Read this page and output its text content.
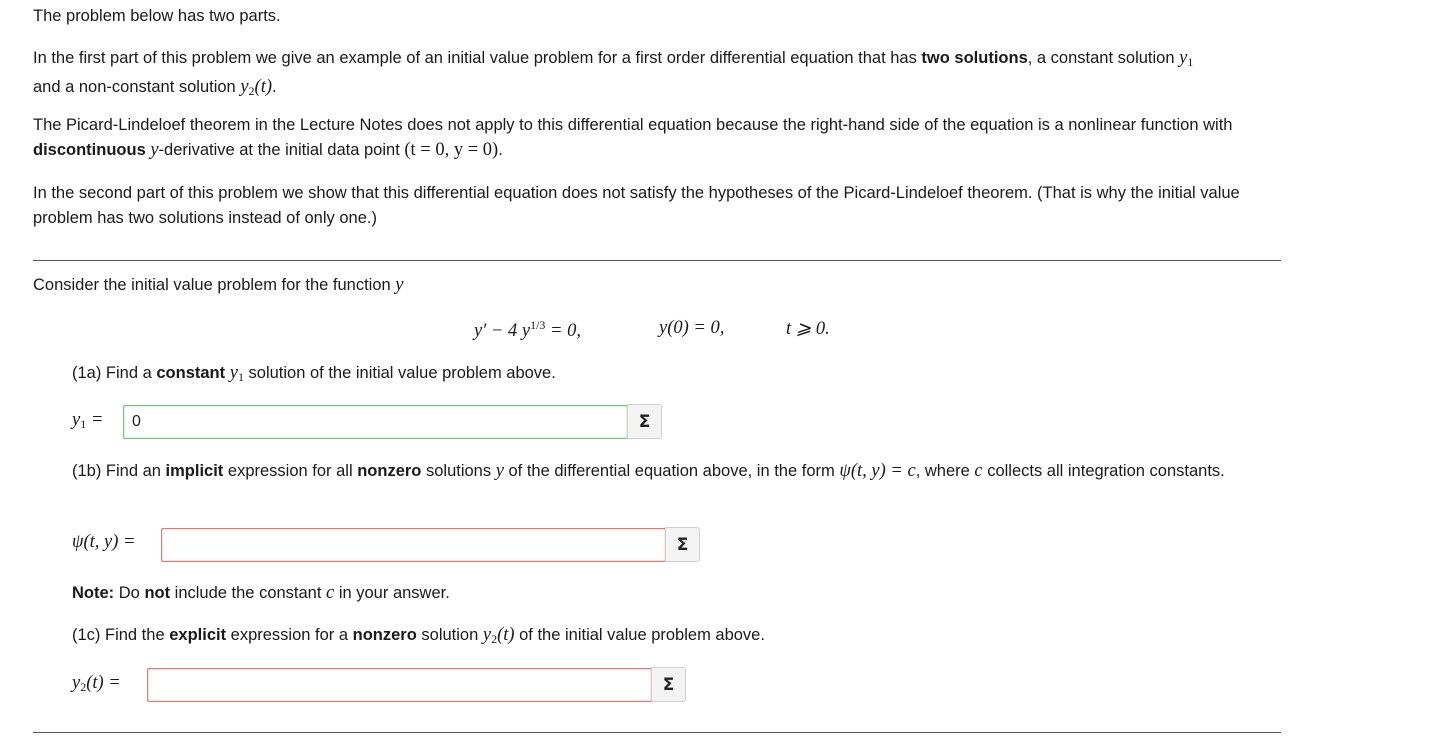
The problem below has two parts.

In the first part of this problem we give an example of an initial value problem for a first order differential equation that has two solutions, a constant solution $y_1$
and a non-constant solution $y_2(t)$.

The Picard-Lindeloef theorem in the Lecture Notes does not apply to this differential equation because the right-hand side of the equation is a nonlinear function with discontinuous y-derivative at the initial data point (t = 0, y = 0).

In the second part of this problem we show that this differential equation does not satisfy the hypotheses of the Picard-Lindeloef theorem. (That is why the initial value problem has two solutions instead of only one.)

Consider the initial value problem for the function y

y′ − 4 $y^{1/3} = 0$,	y(0) = 0,	t ⩾ 0.

(1a) Find a constant $y_1$ solution of the initial value problem above.

$y_1$ =
0	Σ

(1b) Find an implicit expression for all nonzero solutions y of the differential equation above, in the form ψ(t, y) = c, where c collects all integration constants.

ψ(t, y) =	Σ

Note: Do not include the constant c in your answer.

(1c) Find the explicit expression for a nonzero solution $y_2(t)$ of the initial value problem above.

$y_2(t)$ =	Σ
